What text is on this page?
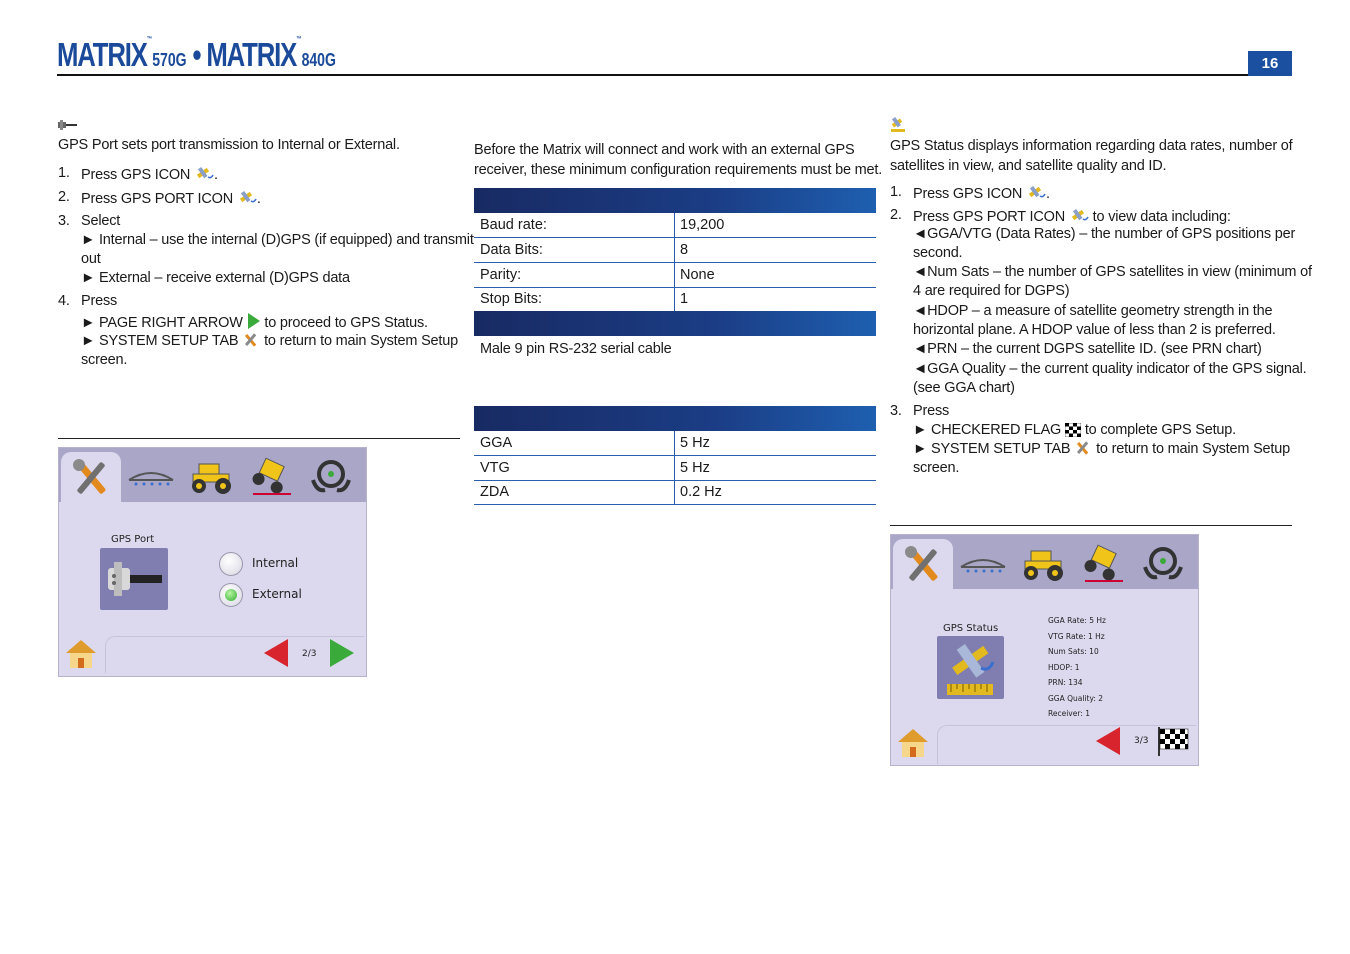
MATRIX™570G • MATRIX™840G	16
GPS Port sets port transmission to Internal or External.
1. Press GPS ICON .
2. Press GPS PORT ICON .
3. Select
► Internal – use the internal (D)GPS (if equipped) and transmit
out
► External – receive external (D)GPS data
4. Press
► PAGE RIGHT ARROW to proceed to GPS Status.
► SYSTEM SETUP TAB to return to main System Setup
screen.
GPS Port
Internal
External
2/3
Before the Matrix will connect and work with an external GPS
receiver, these minimum configuration requirements must be met.
Baud rate:	19,200
Data Bits:	8
Parity:	None
Stop Bits:	1
Male 9 pin RS-232 serial cable
GGA	5 Hz
VTG	5 Hz
ZDA	0.2 Hz
GPS Status displays information regarding data rates, number of
satellites in view, and satellite quality and ID.
1. Press GPS ICON .
2. Press GPS PORT ICON to view data including:
◄GGA/VTG (Data Rates) – the number of GPS positions per
second.
◄Num Sats – the number of GPS satellites in view (minimum of
4 are required for DGPS)
◄HDOP – a measure of satellite geometry strength in the
horizontal plane. A HDOP value of less than 2 is preferred.
◄PRN – the current DGPS satellite ID. (see PRN chart)
◄GGA Quality – the current quality indicator of the GPS signal.
(see GGA chart)
3. Press
► CHECKERED FLAG to complete GPS Setup.
► SYSTEM SETUP TAB to return to main System Setup
screen.
GPS Status
GGA Rate: 5 Hz
VTG Rate: 1 Hz
Num Sats: 10
HDOP: 1
PRN: 134
GGA Quality: 2
Receiver: 1
3/3
